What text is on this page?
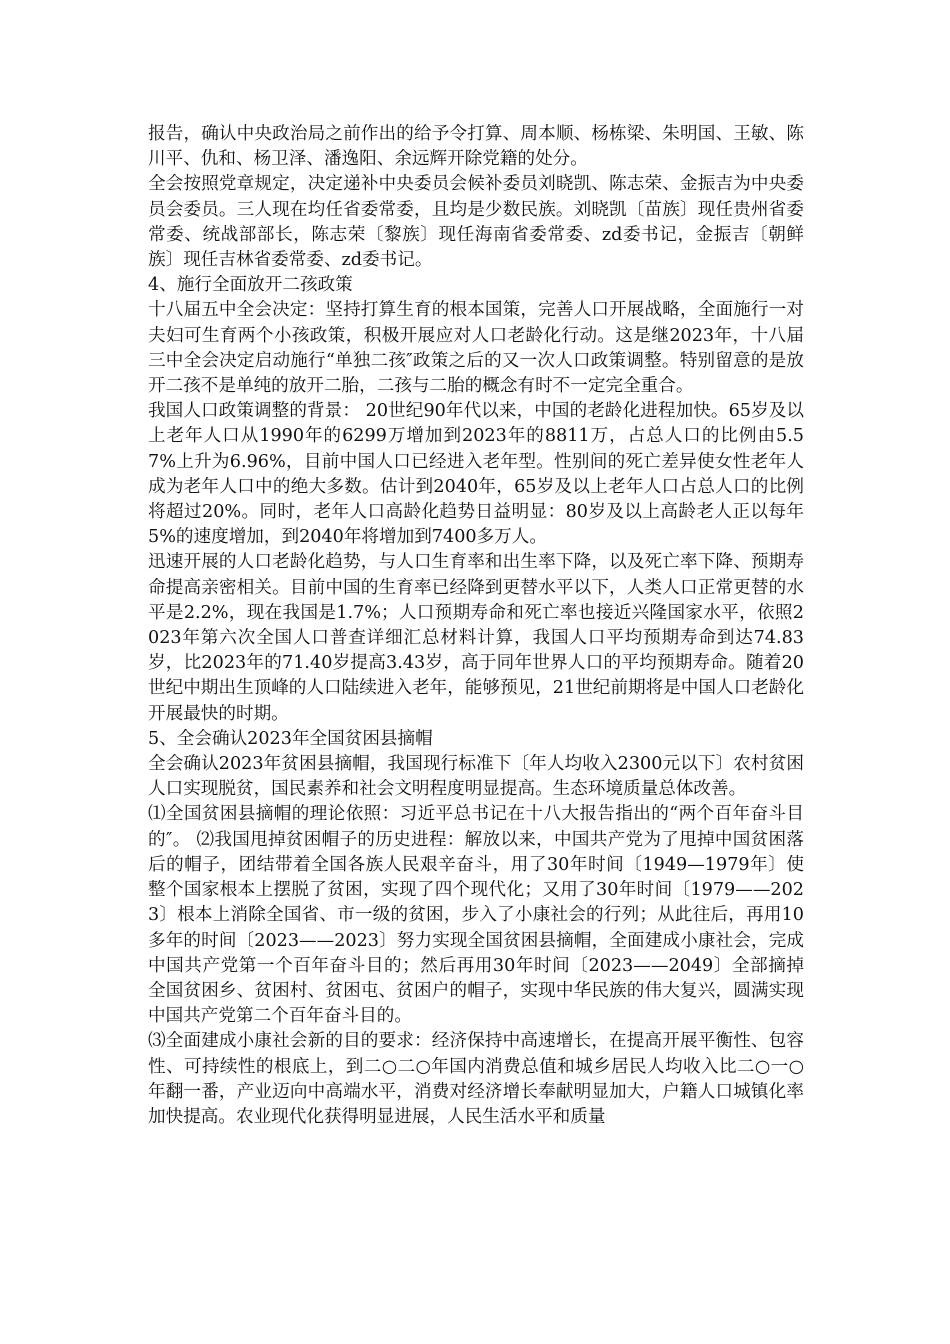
报告，确认中央政治局之前作出的给予令打算、周本顺、杨栋梁、朱明国、王敏、陈川平、仇和、杨卫泽、潘逸阳、余远辉开除党籍的处分。

全会按照党章规定，决定递补中央委员会候补委员刘晓凯、陈志荣、金振吉为中央委员会委员。三人现在均任省委常委，且均是少数民族。刘晓凯〔苗族〕现任贵州省委常委、统战部部长，陈志荣〔黎族〕现任海南省委常委、zd委书记，金振吉〔朝鲜族〕现任吉林省委常委、zd委书记。

4、施行全面放开二孩政策

十八届五中全会决定：坚持打算生育的根本国策，完善人口开展战略，全面施行一对夫妇可生育两个小孩政策，积极开展应对人口老龄化行动。这是继2023年，十八届三中全会决定启动施行“单独二孩″政策之后的又一次人口政策调整。特别留意的是放开二孩不是单纯的放开二胎，二孩与二胎的概念有时不一定完全重合。

我国人口政策调整的背景： 20世纪90年代以来，中国的老龄化进程加快。65岁及以上老年人口从1990年的6299万增加到2023年的8811万，占总人口的比例由5.57%上升为6.96%，目前中国人口已经进入老年型。性别间的死亡差异使女性老年人成为老年人口中的绝大多数。估计到2040年，65岁及以上老年人口占总人口的比例将超过20%。同时，老年人口高龄化趋势日益明显：80岁及以上高龄老人正以每年5%的速度增加，到2040年将增加到7400多万人。

迅速开展的人口老龄化趋势，与人口生育率和出生率下降，以及死亡率下降、预期寿命提高亲密相关。目前中国的生育率已经降到更替水平以下，人类人口正常更替的水平是2.2%，现在我国是1.7%；人口预期寿命和死亡率也接近兴隆国家水平，依照2023年第六次全国人口普查详细汇总材料计算，我国人口平均预期寿命到达74.83岁，比2023年的71.40岁提高3.43岁，高于同年世界人口的平均预期寿命。随着20世纪中期出生顶峰的人口陆续进入老年，能够预见，21世纪前期将是中国人口老龄化开展最快的时期。

5、全会确认2023年全国贫困县摘帽

全会确认2023年贫困县摘帽，我国现行标准下〔年人均收入2300元以下〕农村贫困人口实现脱贫，国民素养和社会文明程度明显提高。生态环境质量总体改善。

⑴全国贫困县摘帽的理论依照：习近平总书记在十八大报告指出的“两个百年奋斗目的″。 ⑵我国甩掉贫困帽子的历史进程：解放以来，中国共产党为了甩掉中国贫困落后的帽子，团结带着全国各族人民艰辛奋斗，用了30年时间〔1949—1979年〕使整个国家根本上摆脱了贫困，实现了四个现代化；又用了30年时间〔1979——2023〕根本上消除全国省、市一级的贫困，步入了小康社会的行列；从此往后，再用10多年的时间〔2023——2023〕努力实现全国贫困县摘帽，全面建成小康社会，完成中国共产党第一个百年奋斗目的；然后再用30年时间〔2023——2049〕全部摘掉全国贫困乡、贫困村、贫困屯、贫困户的帽子，实现中华民族的伟大复兴，圆满实现中国共产党第二个百年奋斗目的。

⑶全面建成小康社会新的目的要求：经济保持中高速增长，在提高开展平衡性、包容性、可持续性的根底上，到二○二○年国内消费总值和城乡居民人均收入比二○一○年翻一番，产业迈向中高端水平，消费对经济增长奉献明显加大，户籍人口城镇化率加快提高。农业现代化获得明显进展，人民生活水平和质量
